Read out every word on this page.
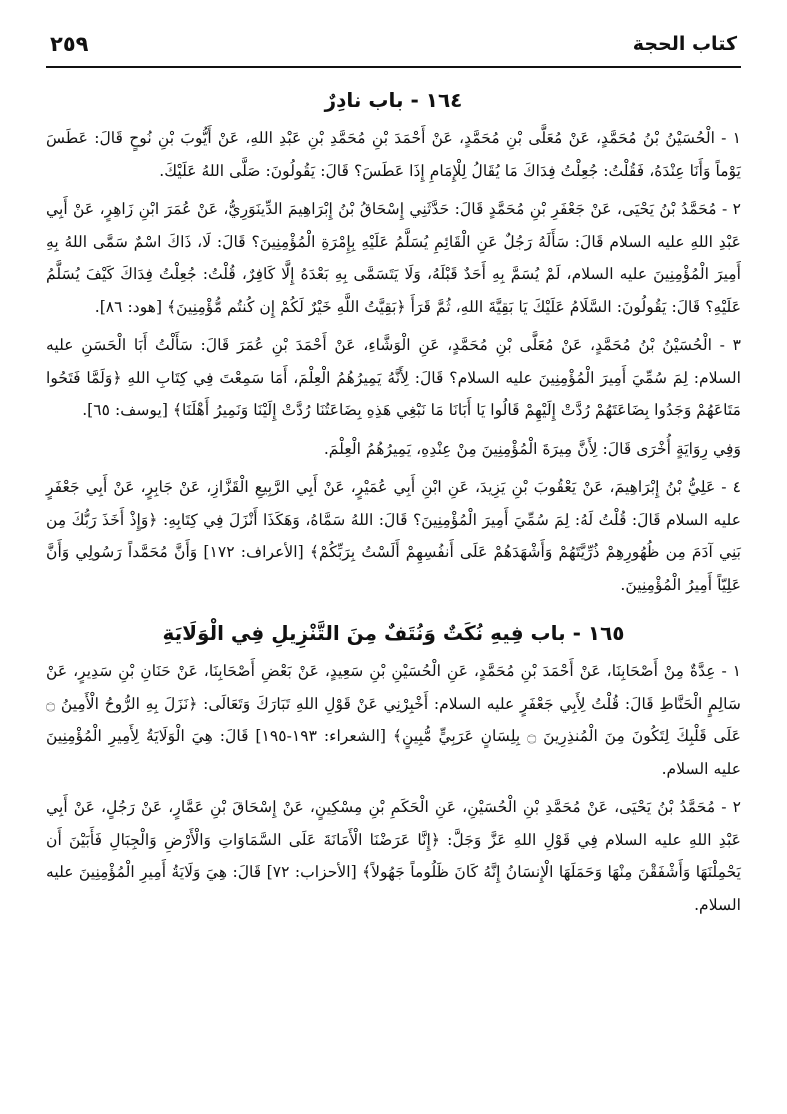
كتاب الحجة
٢٥٩
١٦٤ - باب نادِرٌ

١ - الْحُسَيْنُ بْنُ مُحَمَّدٍ، عَنْ مُعَلَّى بْنِ مُحَمَّدٍ، عَنْ أَحْمَدَ بْنِ مُحَمَّدِ بْنِ عَبْدِ اللهِ، عَنْ أَيُّوبَ بْنِ نُوحٍ قَالَ: عَطَسَ يَوْماً وَأَنَا عِنْدَهُ، فَقُلْتُ: جُعِلْتُ فِدَاكَ مَا يُقَالُ لِلْإِمَامِ إِذَا عَطَسَ؟ قَالَ: يَقُولُونَ: صَلَّى اللهُ عَلَيْكَ.

٢ - مُحَمَّدُ بْنُ يَحْيَى، عَنْ جَعْفَرِ بْنِ مُحَمَّدٍ قَالَ: حَدَّثَنِي إِسْحَاقُ بْنُ إِبْرَاهِيمَ الدِّينَوَرِيُّ، عَنْ عُمَرَ ابْنِ زَاهِرٍ، عَنْ أَبِي عَبْدِ اللهِ عليه السلام قَالَ: سَأَلَهُ رَجُلٌ عَنِ الْقَائِمِ يُسَلَّمُ عَلَيْهِ بِإِمْرَةِ الْمُؤْمِنِينَ؟ قَالَ: لَا، ذَاكَ اسْمٌ سَمَّى اللهُ بِهِ أَمِيرَ الْمُؤْمِنِينَ عليه السلام، لَمْ يُسَمَّ بِهِ أَحَدٌ قَبْلَهُ، وَلَا يَتَسَمَّى بِهِ بَعْدَهُ إِلَّا كَافِرٌ، قُلْتُ: جُعِلْتُ فِدَاكَ كَيْفَ يُسَلَّمُ عَلَيْهِ؟ قَالَ: يَقُولُونَ: السَّلَامُ عَلَيْكَ يَا بَقِيَّةَ اللهِ، ثُمَّ قَرَأَ ﴿بَقِيَّتُ اللَّهِ خَيْرٌ لَكُمْ إِن كُنتُم مُّؤْمِنِينَ﴾ [هود: ٨٦].

٣ - الْحُسَيْنُ بْنُ مُحَمَّدٍ، عَنْ مُعَلَّى بْنِ مُحَمَّدٍ، عَنِ الْوَشَّاءِ، عَنْ أَحْمَدَ بْنِ عُمَرَ قَالَ: سَأَلْتُ أَبَا الْحَسَنِ عليه السلام: لِمَ سُمِّيَ أَمِيرَ الْمُؤْمِنِينَ عليه السلام؟ قَالَ: لِأَنَّهُ يَمِيرُهُمُ الْعِلْمَ، أَمَا سَمِعْتَ فِي كِتَابِ اللهِ ﴿وَلَمَّا فَتَحُوا مَتَاعَهُمْ وَجَدُوا بِضَاعَتَهُمْ رُدَّتْ إِلَيْهِمْ قَالُوا يَا أَبَانَا مَا نَبْغِي هَذِهِ بِضَاعَتُنَا رُدَّتْ إِلَيْنَا وَنَمِيرُ أَهْلَنَا﴾ [يوسف: ٦٥].

وَفِي رِوَايَةٍ أُخْرَى قَالَ: لِأَنَّ مِيرَةَ الْمُؤْمِنِينَ مِنْ عِنْدِهِ، يَمِيرُهُمُ الْعِلْمَ.

٤ - عَلِيُّ بْنُ إِبْرَاهِيمَ، عَنْ يَعْقُوبَ بْنِ يَزِيدَ، عَنِ ابْنِ أَبِي عُمَيْرٍ، عَنْ أَبِي الرَّبِيعِ الْقَزَّازِ، عَنْ جَابِرٍ، عَنْ أَبِي جَعْفَرٍ عليه السلام قَالَ: قُلْتُ لَهُ: لِمَ سُمِّيَ أَمِيرَ الْمُؤْمِنِينَ؟ قَالَ: اللهُ سَمَّاهُ، وَهَكَذَا أَنْزَلَ فِي كِتَابِهِ: ﴿وَإِذْ أَخَذَ رَبُّكَ مِن بَنِي آدَمَ مِن ظُهُورِهِمْ ذُرِّيَّتَهُمْ وَأَشْهَدَهُمْ عَلَى أَنفُسِهِمْ أَلَسْتُ بِرَبِّكُمْ﴾ [الأعراف: ١٧٢] وَأَنَّ مُحَمَّداً رَسُولِي وَأَنَّ عَلِيّاً أَمِيرُ الْمُؤْمِنِينَ.

١٦٥ - باب فِيهِ نُكَتٌ وَنُتَفٌ مِنَ التَّنْزِيلِ فِي الْوَلَايَةِ

١ - عِدَّةٌ مِنْ أَصْحَابِنَا، عَنْ أَحْمَدَ بْنِ مُحَمَّدٍ، عَنِ الْحُسَيْنِ بْنِ سَعِيدٍ، عَنْ بَعْضِ أَصْحَابِنَا، عَنْ حَنَانِ بْنِ سَدِيرٍ، عَنْ سَالِمٍ الْحَنَّاطِ قَالَ: قُلْتُ لِأَبِي جَعْفَرٍ عليه السلام: أَخْبِرْنِي عَنْ قَوْلِ اللهِ تَبَارَكَ وَتَعَالَى: ﴿نَزَلَ بِهِ الرُّوحُ الْأَمِينُ ۝ عَلَى قَلْبِكَ لِتَكُونَ مِنَ الْمُنذِرِينَ ۝ بِلِسَانٍ عَرَبِيٍّ مُّبِينٍ﴾ [الشعراء: ١٩٣-١٩٥] قَالَ: هِيَ الْوَلَايَةُ لِأَمِيرِ الْمُؤْمِنِينَ عليه السلام.

٢ - مُحَمَّدُ بْنُ يَحْيَى، عَنْ مُحَمَّدِ بْنِ الْحُسَيْنِ، عَنِ الْحَكَمِ بْنِ مِسْكِينٍ، عَنْ إِسْحَاقَ بْنِ عَمَّارٍ، عَنْ رَجُلٍ، عَنْ أَبِي عَبْدِ اللهِ عليه السلام فِي قَوْلِ اللهِ عَزَّ وَجَلَّ: ﴿إِنَّا عَرَضْنَا الْأَمَانَةَ عَلَى السَّمَاوَاتِ وَالْأَرْضِ وَالْجِبَالِ فَأَبَيْنَ أَن يَحْمِلْنَهَا وَأَشْفَقْنَ مِنْهَا وَحَمَلَهَا الْإِنسَانُ إِنَّهُ كَانَ ظَلُوماً جَهُولاً﴾ [الأحزاب: ٧٢] قَالَ: هِيَ وَلَايَةُ أَمِيرِ الْمُؤْمِنِينَ عليه السلام.
